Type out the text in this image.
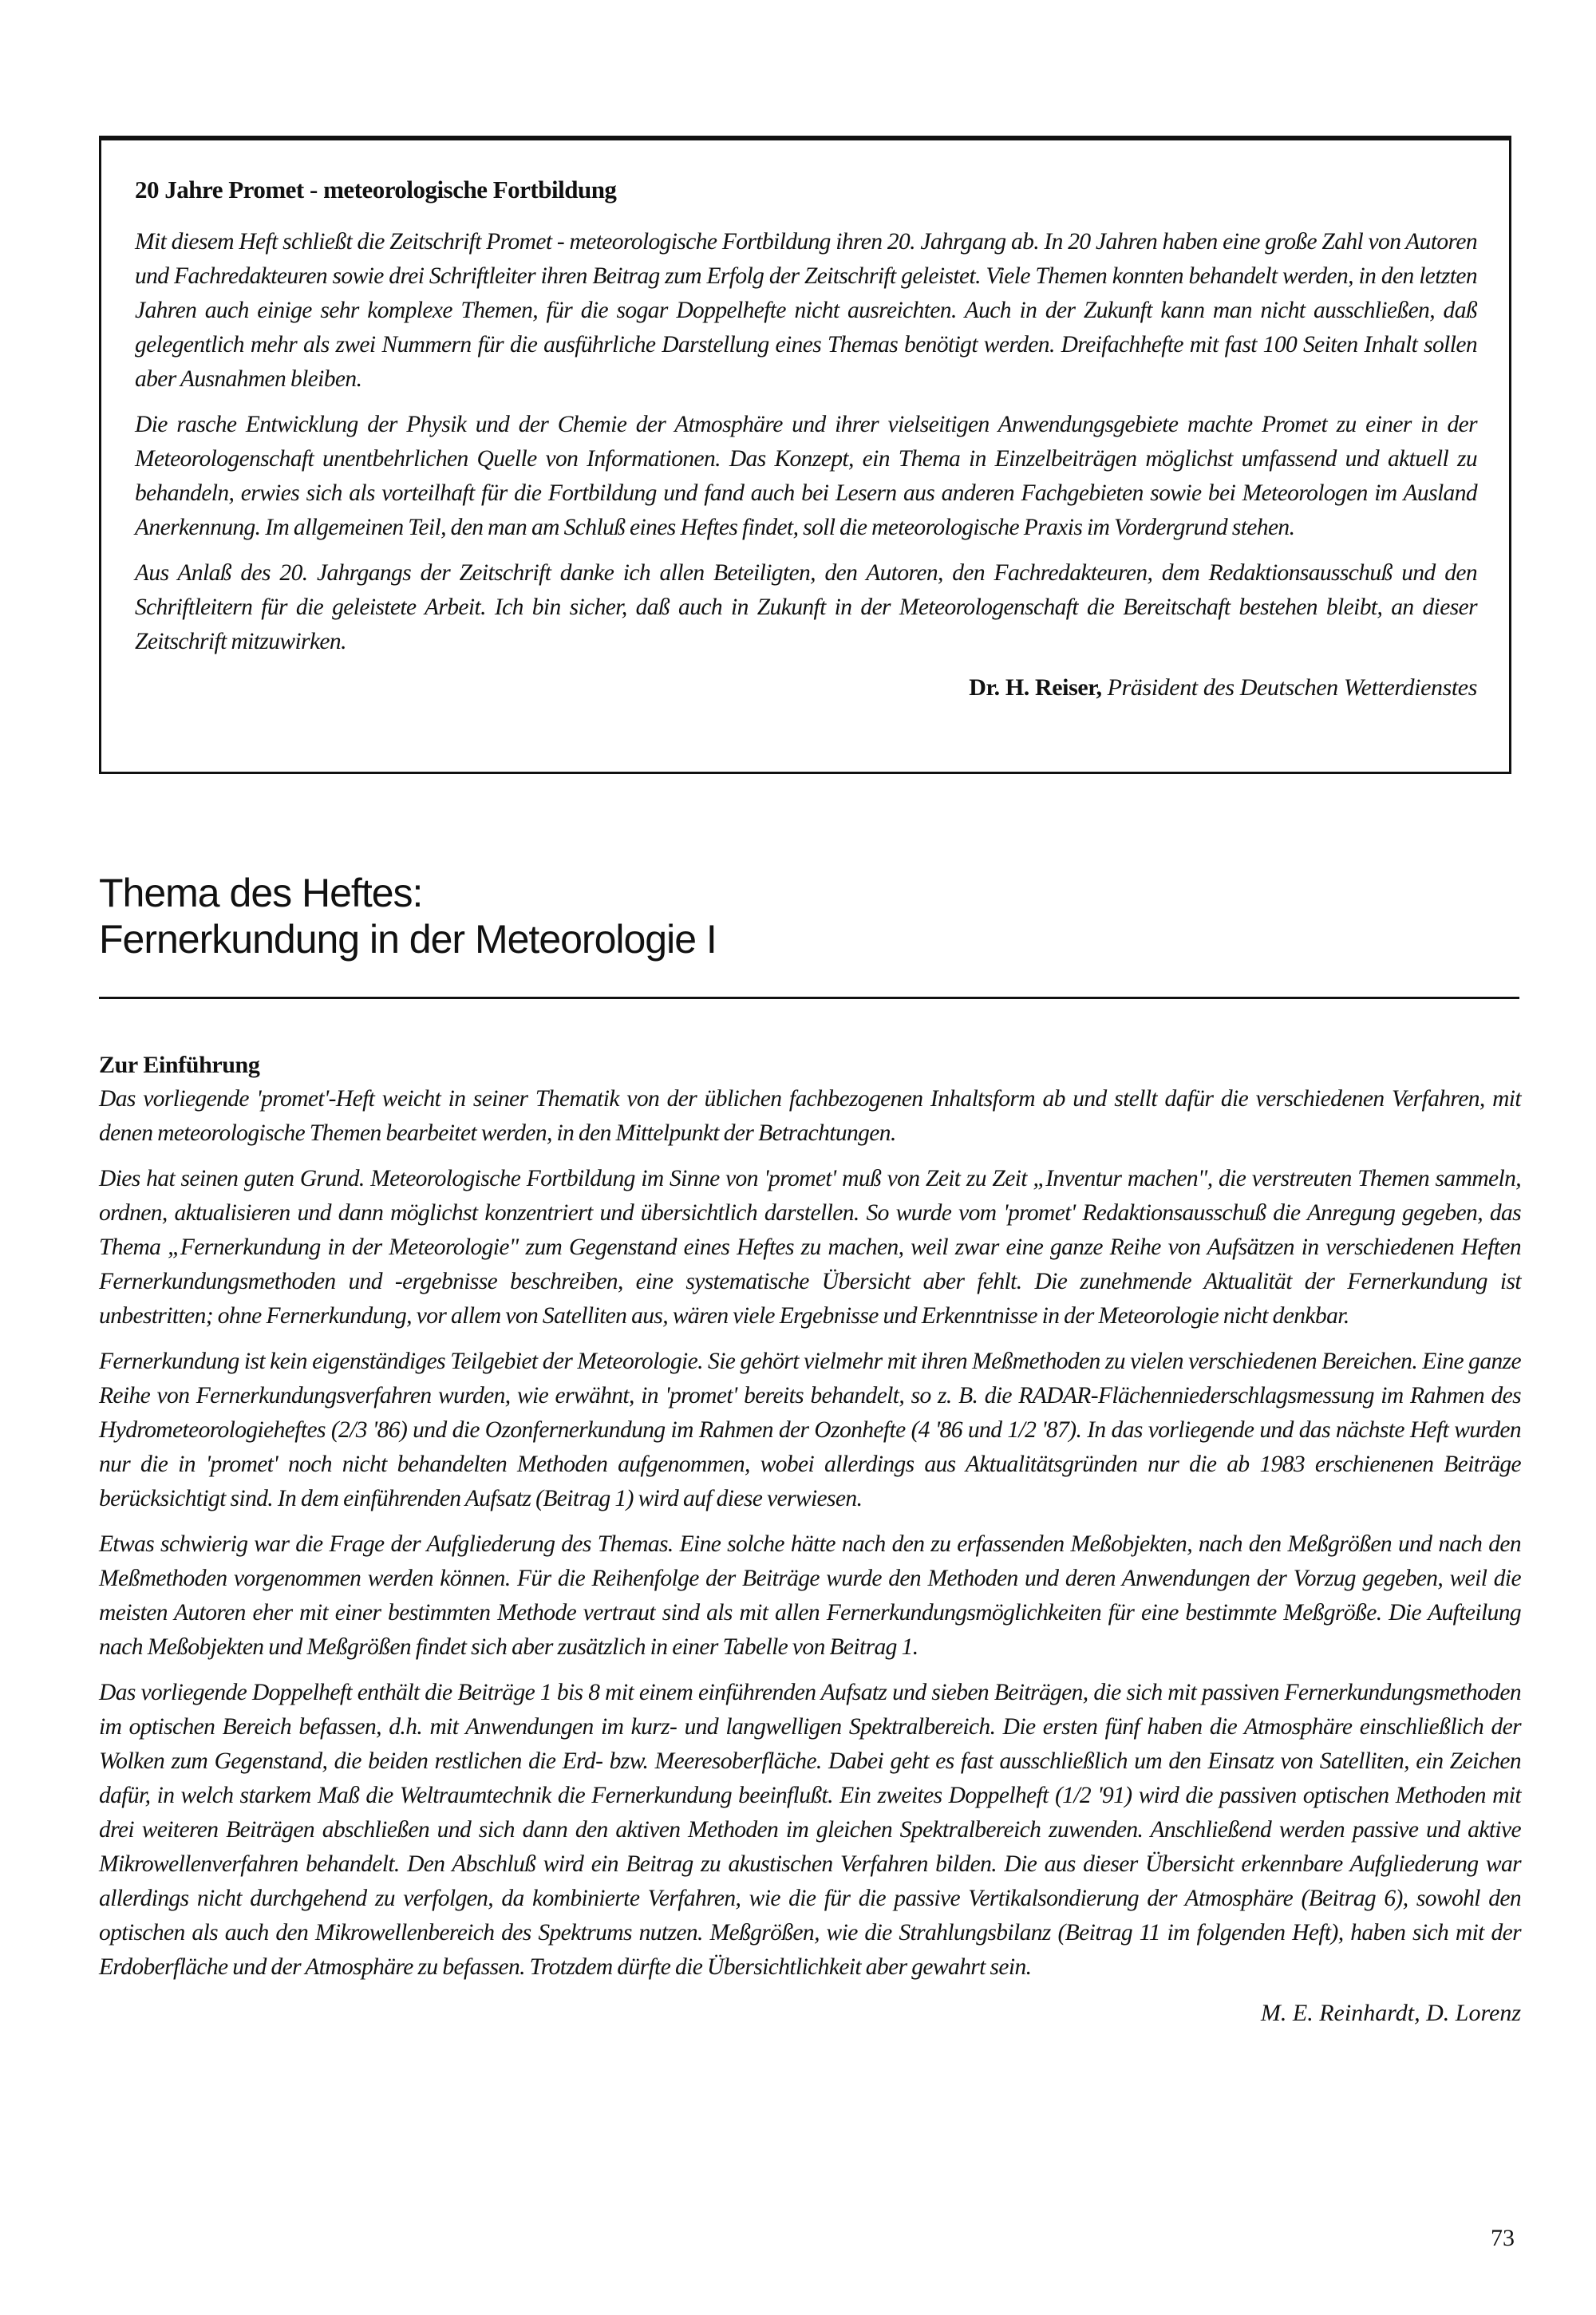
20 Jahre Promet - meteorologische Fortbildung

Mit diesem Heft schließt die Zeitschrift Promet - meteorologische Fortbildung ihren 20. Jahrgang ab. In 20 Jahren haben eine große Zahl von Autoren und Fachredakteuren sowie drei Schriftleiter ihren Beitrag zum Erfolg der Zeitschrift geleistet. Viele Themen konnten behandelt werden, in den letzten Jahren auch einige sehr komplexe Themen, für die sogar Doppelhefte nicht ausreichten. Auch in der Zukunft kann man nicht ausschließen, daß gelegentlich mehr als zwei Nummern für die ausführliche Darstellung eines Themas benötigt werden. Dreifachhefte mit fast 100 Seiten Inhalt sollen aber Ausnahmen bleiben.

Die rasche Entwicklung der Physik und der Chemie der Atmosphäre und ihrer vielseitigen Anwendungsgebiete machte Promet zu einer in der Meteorologenschaft unentbehrlichen Quelle von Informationen. Das Konzept, ein Thema in Einzelbeiträgen möglichst umfassend und aktuell zu behandeln, erwies sich als vorteilhaft für die Fortbildung und fand auch bei Lesern aus anderen Fachgebieten sowie bei Meteorologen im Ausland Anerkennung. Im allgemeinen Teil, den man am Schluß eines Heftes findet, soll die meteorologische Praxis im Vordergrund stehen.

Aus Anlaß des 20. Jahrgangs der Zeitschrift danke ich allen Beteiligten, den Autoren, den Fachredakteuren, dem Redaktionsausschuß und den Schriftleitern für die geleistete Arbeit. Ich bin sicher, daß auch in Zukunft in der Meteorologenschaft die Bereitschaft bestehen bleibt, an dieser Zeitschrift mitzuwirken.

Dr. H. Reiser, Präsident des Deutschen Wetterdienstes
Thema des Heftes:
Fernerkundung in der Meteorologie I
Zur Einführung

Das vorliegende 'promet'-Heft weicht in seiner Thematik von der üblichen fachbezogenen Inhaltsform ab und stellt dafür die verschiedenen Verfahren, mit denen meteorologische Themen bearbeitet werden, in den Mittelpunkt der Betrachtungen.

Dies hat seinen guten Grund. Meteorologische Fortbildung im Sinne von 'promet' muß von Zeit zu Zeit „Inventur machen", die verstreuten Themen sammeln, ordnen, aktualisieren und dann möglichst konzentriert und übersichtlich darstellen. So wurde vom 'promet' Redaktionsausschuß die Anregung gegeben, das Thema „Fernerkundung in der Meteorologie" zum Gegenstand eines Heftes zu machen, weil zwar eine ganze Reihe von Aufsätzen in verschiedenen Heften Fernerkundungsmethoden und -ergebnisse beschreiben, eine systematische Übersicht aber fehlt. Die zunehmende Aktualität der Fernerkundung ist unbestritten; ohne Fernerkundung, vor allem von Satelliten aus, wären viele Ergebnisse und Erkenntnisse in der Meteorologie nicht denkbar.

Fernerkundung ist kein eigenständiges Teilgebiet der Meteorologie. Sie gehört vielmehr mit ihren Meßmethoden zu vielen verschiedenen Bereichen. Eine ganze Reihe von Fernerkundungsverfahren wurden, wie erwähnt, in 'promet' bereits behandelt, so z. B. die RADAR-Flächenniederschlagsmessung im Rahmen des Hydrometeorologieheftes (2/3 '86) und die Ozonfernerkundung im Rahmen der Ozonhefte (4 '86 und 1/2 '87). In das vorliegende und das nächste Heft wurden nur die in 'promet' noch nicht behandelten Methoden aufgenommen, wobei allerdings aus Aktualitätsgründen nur die ab 1983 erschienenen Beiträge berücksichtigt sind. In dem einführenden Aufsatz (Beitrag 1) wird auf diese verwiesen.

Etwas schwierig war die Frage der Aufgliederung des Themas. Eine solche hätte nach den zu erfassenden Meßobjekten, nach den Meßgrößen und nach den Meßmethoden vorgenommen werden können. Für die Reihenfolge der Beiträge wurde den Methoden und deren Anwendungen der Vorzug gegeben, weil die meisten Autoren eher mit einer bestimmten Methode vertraut sind als mit allen Fernerkundungsmöglichkeiten für eine bestimmte Meßgröße. Die Aufteilung nach Meßobjekten und Meßgrößen findet sich aber zusätzlich in einer Tabelle von Beitrag 1.

Das vorliegende Doppelheft enthält die Beiträge 1 bis 8 mit einem einführenden Aufsatz und sieben Beiträgen, die sich mit passiven Fernerkundungsmethoden im optischen Bereich befassen, d.h. mit Anwendungen im kurz- und langwelligen Spektralbereich. Die ersten fünf haben die Atmosphäre einschließlich der Wolken zum Gegenstand, die beiden restlichen die Erd- bzw. Meeresoberfläche. Dabei geht es fast ausschließlich um den Einsatz von Satelliten, ein Zeichen dafür, in welch starkem Maß die Weltraumtechnik die Fernerkundung beeinflußt. Ein zweites Doppelheft (1/2 '91) wird die passiven optischen Methoden mit drei weiteren Beiträgen abschließen und sich dann den aktiven Methoden im gleichen Spektralbereich zuwenden. Anschließend werden passive und aktive Mikrowellenverfahren behandelt. Den Abschluß wird ein Beitrag zu akustischen Verfahren bilden. Die aus dieser Übersicht erkennbare Aufgliederung war allerdings nicht durchgehend zu verfolgen, da kombinierte Verfahren, wie die für die passive Vertikalsondierung der Atmosphäre (Beitrag 6), sowohl den optischen als auch den Mikrowellenbereich des Spektrums nutzen. Meßgrößen, wie die Strahlungsbilanz (Beitrag 11 im folgenden Heft), haben sich mit der Erdoberfläche und der Atmosphäre zu befassen. Trotzdem dürfte die Übersichtlichkeit aber gewahrt sein.

M. E. Reinhardt, D. Lorenz
73
